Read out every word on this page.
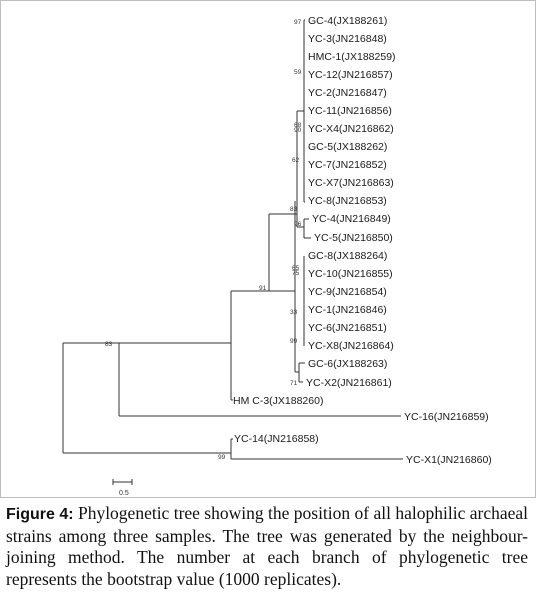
0.5
GC-4(JX188261)
YC-3(JN216848)
HMC-1(JX188259)
YC-12(JN216857)
YC-2(JN216847)
YC-11(JN216856)
YC-X4(JN216862)
GC-5(JX188262)
YC-7(JN216852)
YC-X7(JN216863)
YC-8(JN216853)
YC-4(JN216849)
YC-5(JN216850)
GC-8(JX188264)
YC-10(JN216855)
YC-9(JN216854)
YC-1(JN216846)
YC-6(JN216851)
YC-X8(JN216864)
GC-6(JX188263)
YC-X2(JN216861)
HM C-3(JX188260)
YC-16(JN216859)
YC-14(JN216858)
YC-X1(JN216860)
97
59
68
90
62
83
96
91
65
75
33
99
71
83
99
Figure 4: Phylogenetic tree showing the position of all halophilic archaeal strains among three samples. The tree was generated by the neighbour-joining method. The number at each branch of phylogenetic tree represents the bootstrap value (1000 replicates).
